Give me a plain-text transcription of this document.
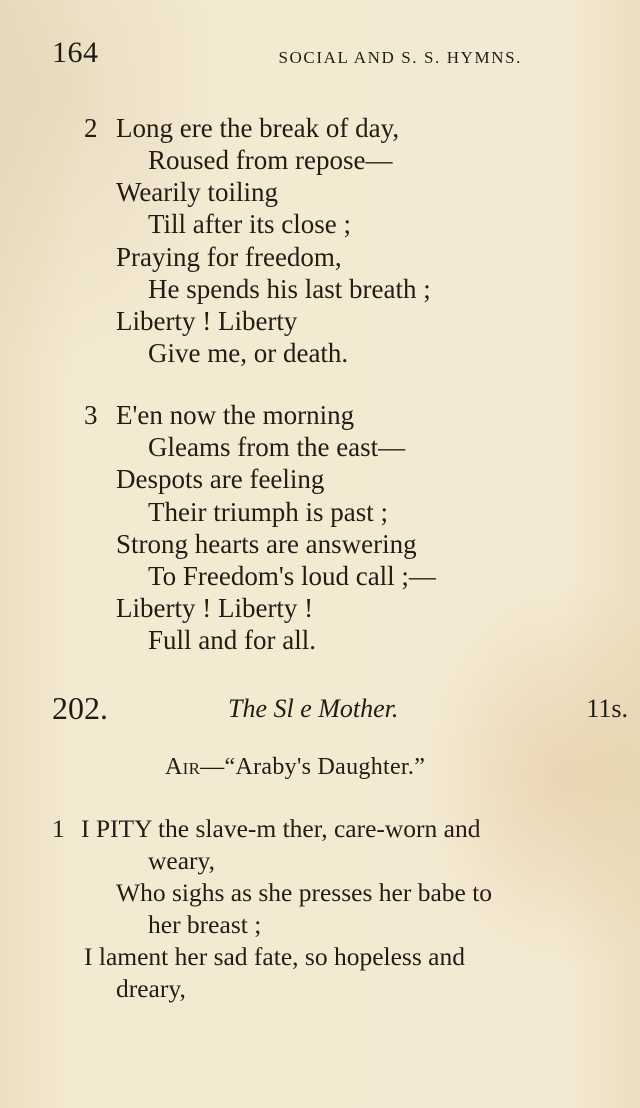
164	SOCIAL AND S. S. HYMNS.
2 Long ere the break of day,
Roused from repose—
Wearily toiling
Till after its close ;
Praying for freedom,
He spends his last breath ;
Liberty ! Liberty
Give me, or death.
3 E'en now the morning
Gleams from the east—
Despots are feeling
Their triumph is past ;
Strong hearts are answering
To Freedom's loud call ;—
Liberty ! Liberty !
Full and for all.
202.	The Sl e Mother.	11s.
Air—“Araby's Daughter.”
1 I PITY the slave-m ther, care-worn and
weary,
Who sighs as she presses her babe to
her breast ;
I lament her sad fate, so hopeless and
dreary,
